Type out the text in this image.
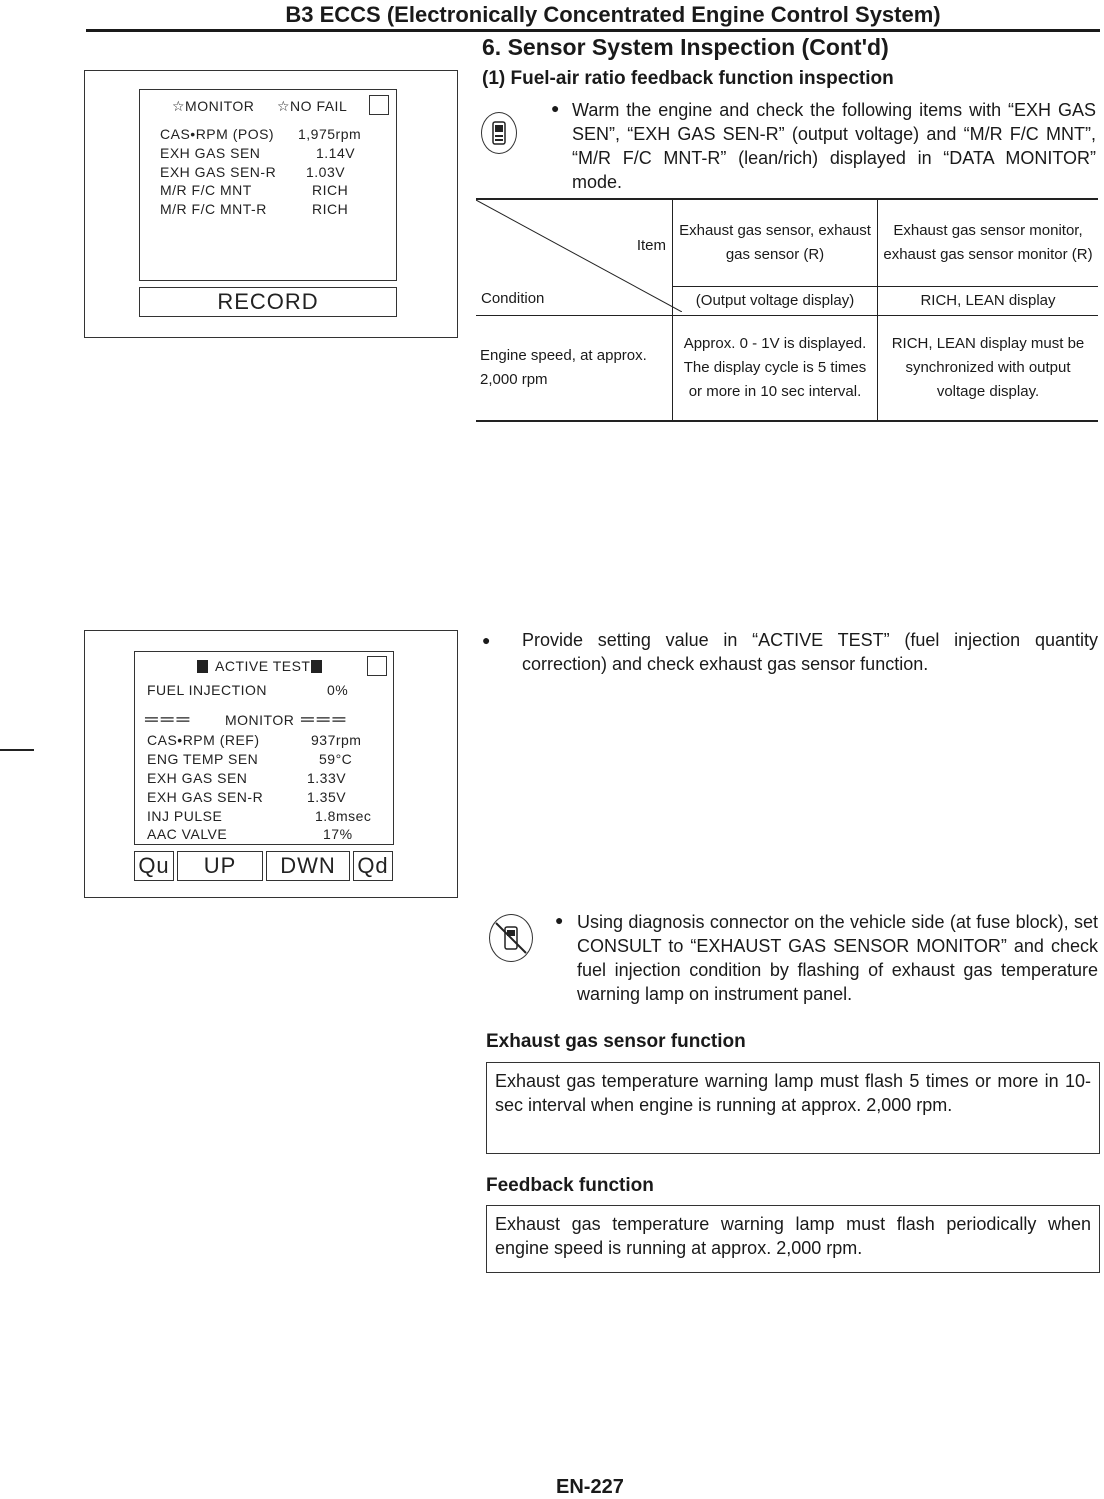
B3 ECCS (Electronically Concentrated Engine Control System)
6. Sensor System Inspection (Cont'd)
(1) Fuel-air ratio feedback function inspection
☆MONITOR ☆NO FAIL
CAS•RPM (POS) 1,975rpm
EXH GAS SEN	1.14V
EXH GAS SEN-R 1.03V
M/R F/C MNT	RICH
M/R F/C MNT-R	RICH
RECORD
● Warm the engine and check the following items with “EXH GAS SEN”, “EXH GAS SEN-R” (output voltage) and “M/R F/C MNT”, “M/R F/C MNT-R” (lean/rich) displayed in “DATA MONITOR” mode.
Item
Condition	Exhaust gas sensor, exhaust gas sensor (R)	Exhaust gas sensor monitor, exhaust gas sensor monitor (R)
	(Output voltage display)	RICH, LEAN display
Engine speed, at approx. 2,000 rpm	Approx. 0 - 1V is displayed. The display cycle is 5 times or more in 10 sec interval.	RICH, LEAN display must be synchronized with output voltage display.
ACTIVE TEST
FUEL INJECTION	0%
═ ═ ═	MONITOR ═ ═ ═
CAS•RPM (REF)	937rpm
ENG TEMP SEN	59°C
EXH GAS SEN	1.33V
EXH GAS SEN-R	1.35V
INJ PULSE	1.8msec
AAC VALVE	17%
Qu	UP	DWN Qd
● Provide setting value in “ACTIVE TEST” (fuel injection quantity correction) and check exhaust gas sensor function.
● Using diagnosis connector on the vehicle side (at fuse block), set CONSULT to “EXHAUST GAS SENSOR MONITOR” and check fuel injection condition by flashing of exhaust gas temperature warning lamp on instrument panel.
Exhaust gas sensor function
Exhaust gas temperature warning lamp must flash 5 times or more in 10-sec interval when engine is running at approx. 2,000 rpm.
Feedback function
Exhaust gas temperature warning lamp must flash periodically when engine speed is running at approx. 2,000 rpm.
EN-227
